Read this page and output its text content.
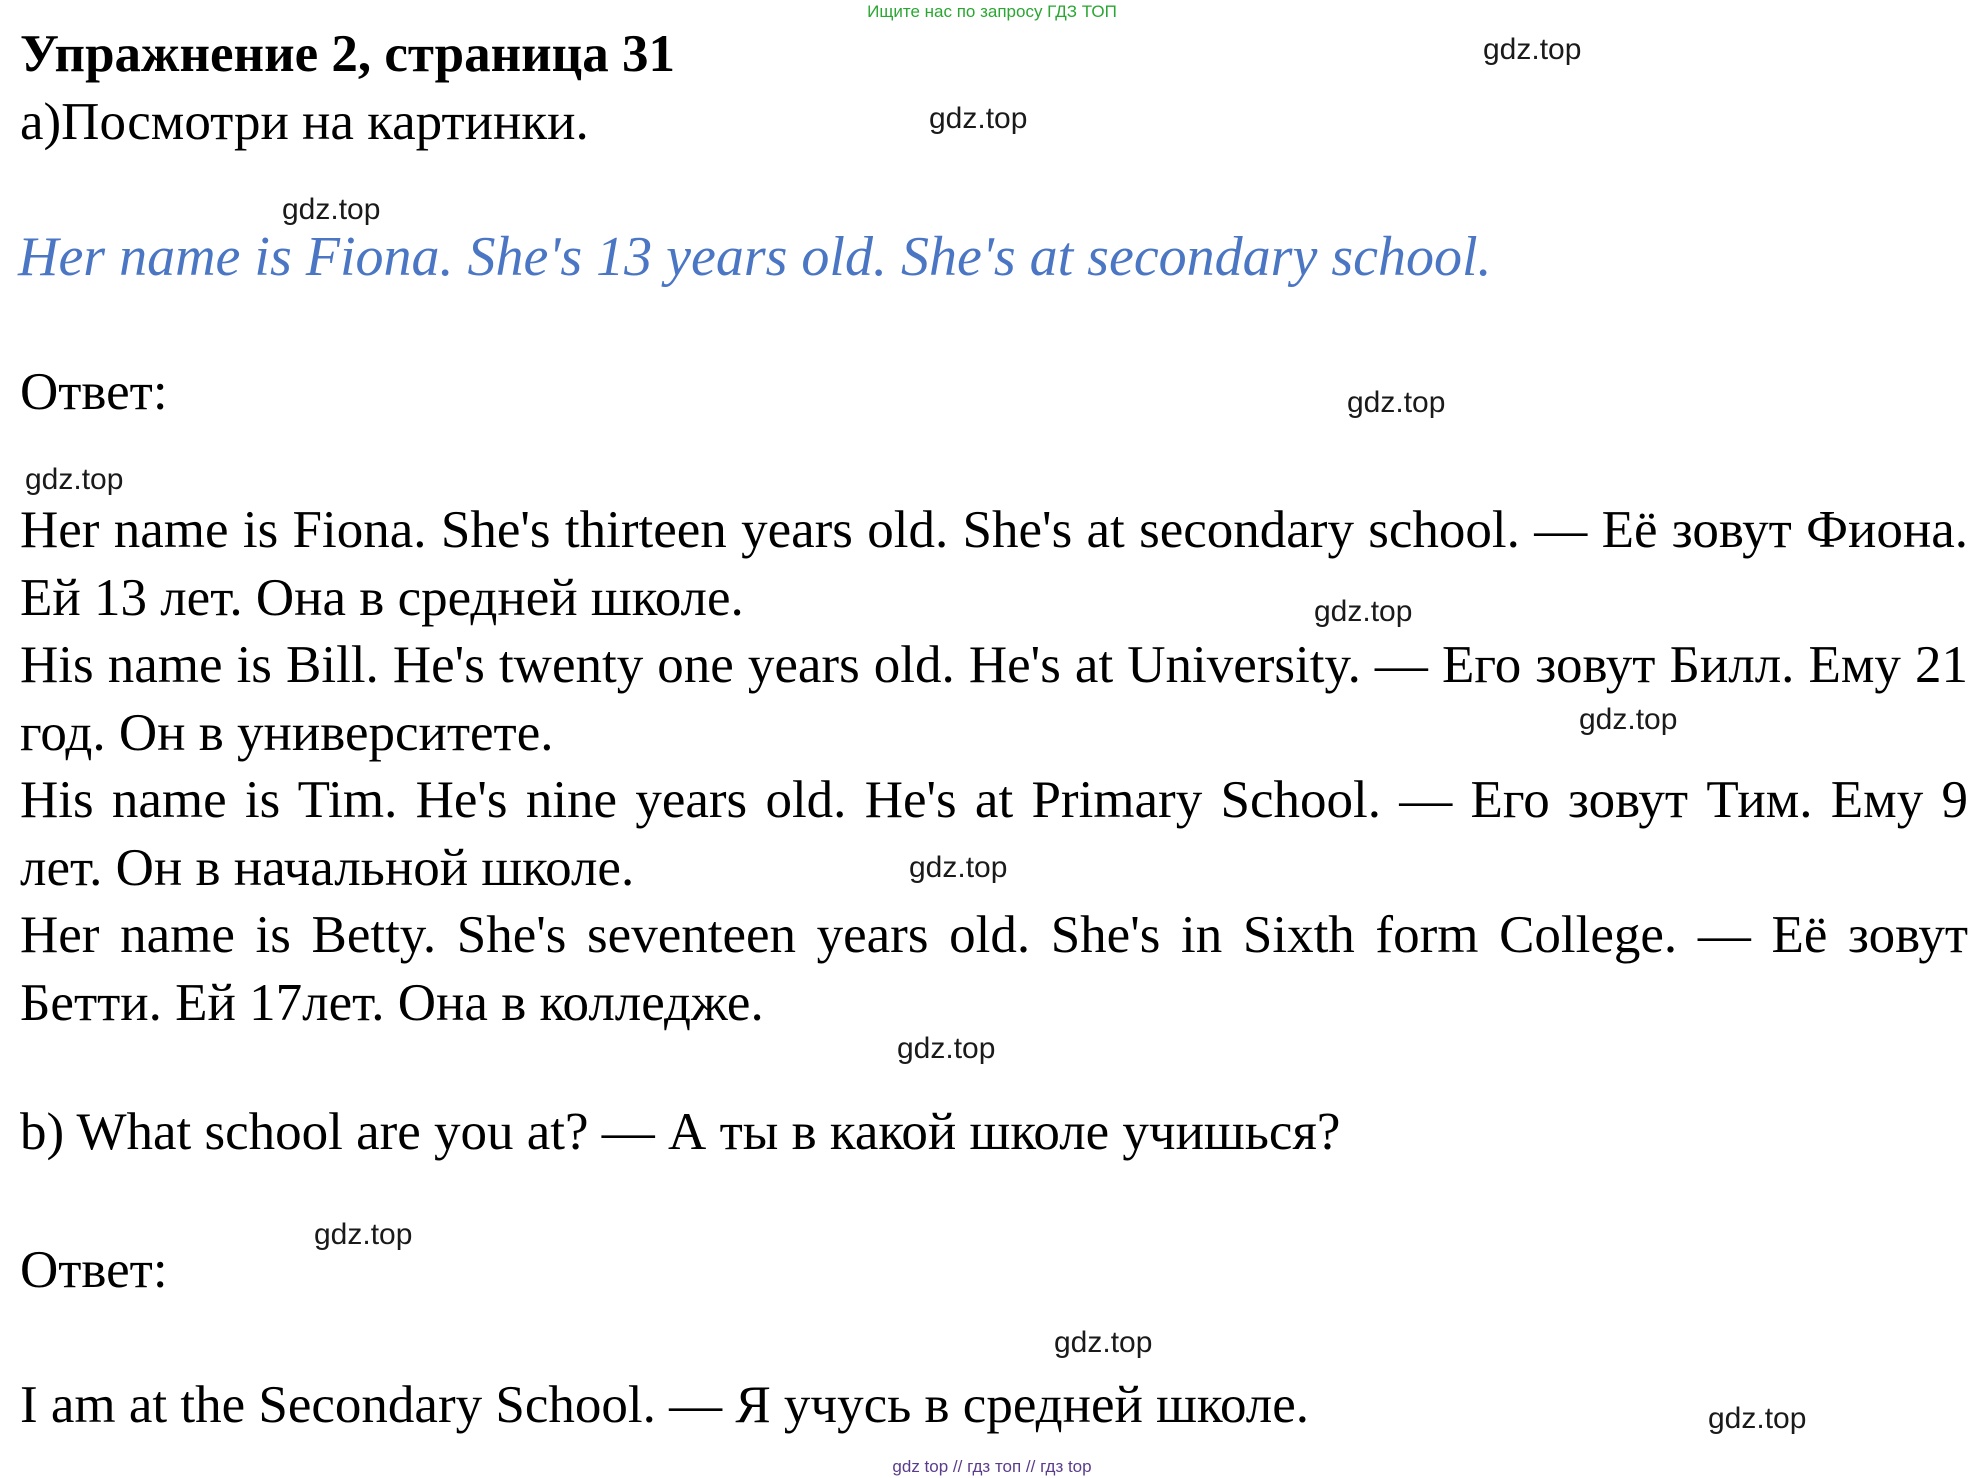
Ищите нас по запросу ГДЗ ТОП
Упражнение 2, страница 31
а)Посмотри на картинки.
Her name is Fiona. She's 13 years old. She's at secondary school.
Ответ:
Her name is Fiona. She's thirteen years old. She's at secondary school. — Её зовут Фиона. Ей 13 лет. Она в средней школе.
His name is Bill. He's twenty one years old. He's at University. — Его зовут Билл. Ему 21 год. Он в университете.
His name is Tim. He's nine years old. He's at Primary School. — Его зовут Тим. Ему 9 лет. Он в начальной школе.
Her name is Betty. She's seventeen years old. She's in Sixth form College. — Её зовут Бетти. Ей 17лет. Она в колледже.
b) What school are you at? — А ты в какой школе учишься?
Ответ:
I am at the Secondary School. — Я учусь в средней школе.
gdz.top
gdz.top
gdz.top
gdz.top
gdz.top
gdz.top
gdz.top
gdz.top
gdz.top
gdz.top
gdz.top
gdz.top
gdz top // гдз топ // гдз top
